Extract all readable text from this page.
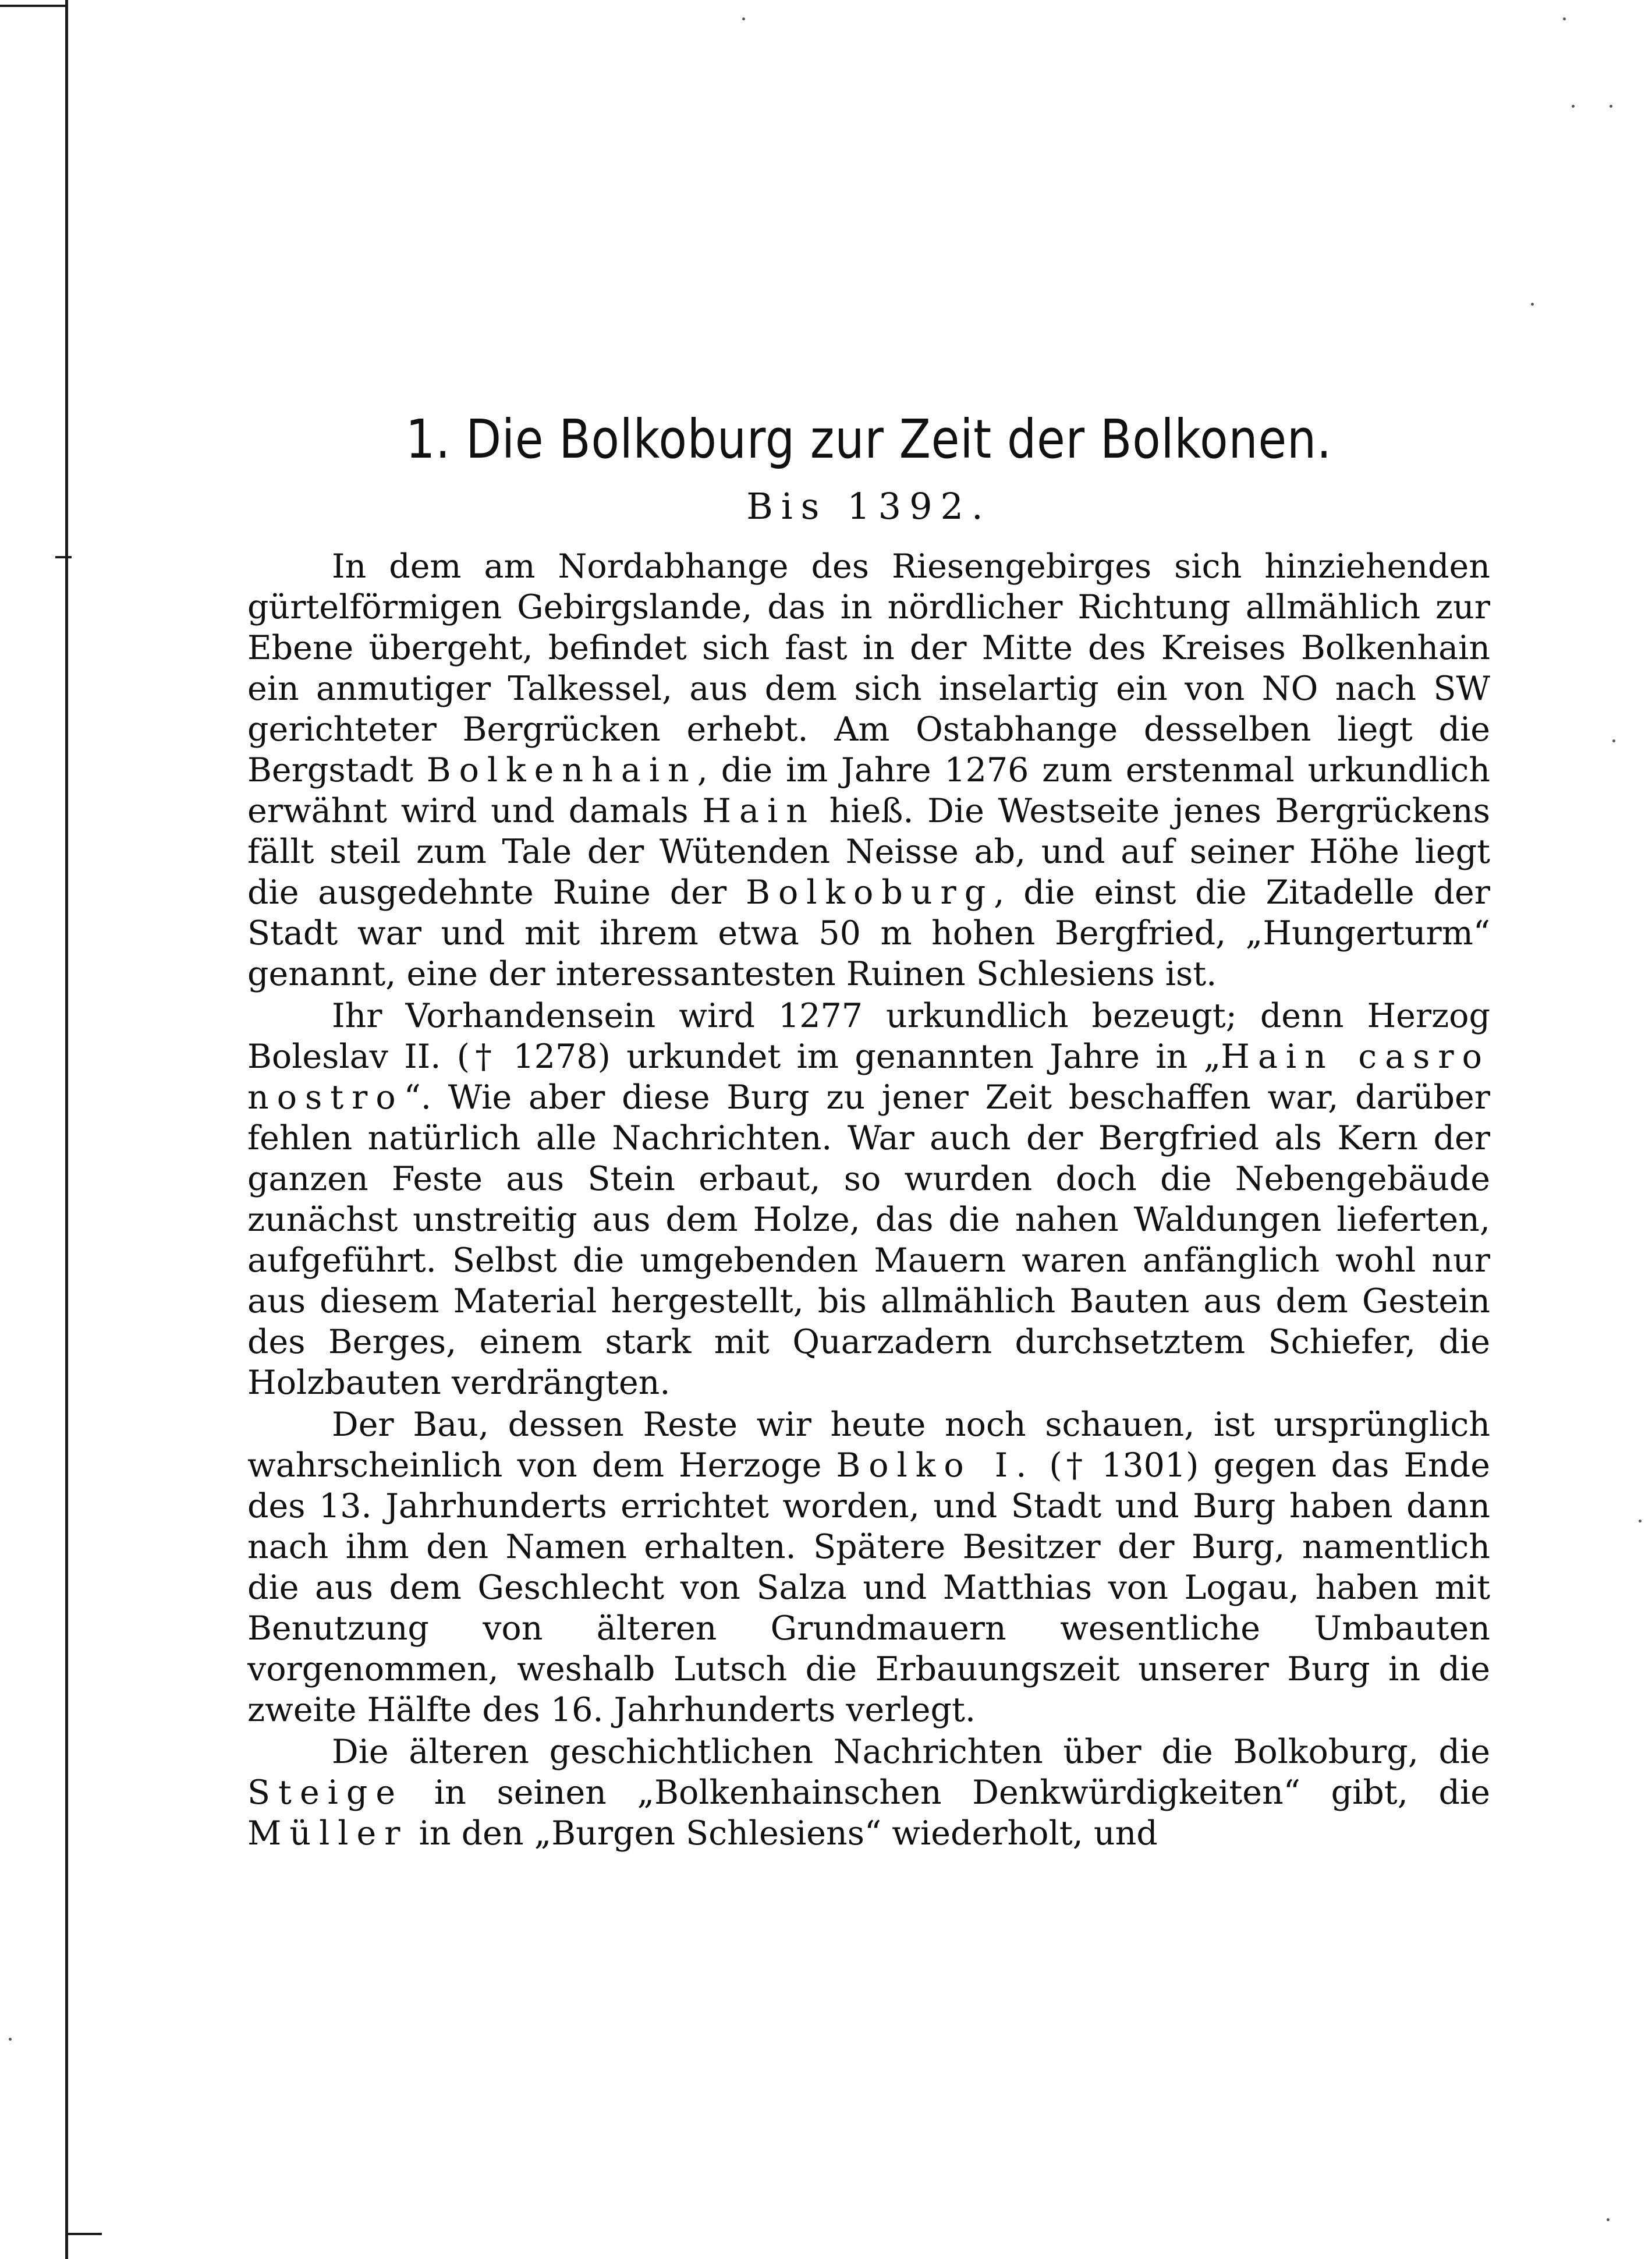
1. Die Bolkoburg zur Zeit der Bolkonen.
Bis 1392.

In dem am Nordabhange des Riesengebirges sich hinziehenden gürtelförmigen Gebirgslande, das in nördlicher Richtung allmählich zur Ebene übergeht, befindet sich fast in der Mitte des Kreises Bolkenhain ein anmutiger Talkessel, aus dem sich inselartig ein von NO nach SW gerichteter Bergrücken erhebt. Am Ostabhange desselben liegt die Bergstadt Bolkenhain, die im Jahre 1276 zum erstenmal urkundlich erwähnt wird und damals Hain hieß. Die Westseite jenes Bergrückens fällt steil zum Tale der Wütenden Neisse ab, und auf seiner Höhe liegt die ausgedehnte Ruine der Bolkoburg, die einst die Zitadelle der Stadt war und mit ihrem etwa 50 m hohen Bergfried, „Hungerturm“ genannt, eine der interessantesten Ruinen Schlesiens ist.

Ihr Vorhandensein wird 1277 urkundlich bezeugt; denn Herzog Boleslav II. († 1278) urkundet im genannten Jahre in „Hain casro nostro“. Wie aber diese Burg zu jener Zeit beschaffen war, darüber fehlen natürlich alle Nachrichten. War auch der Bergfried als Kern der ganzen Feste aus Stein erbaut, so wurden doch die Nebengebäude zunächst unstreitig aus dem Holze, das die nahen Waldungen lieferten, aufgeführt. Selbst die umgebenden Mauern waren anfänglich wohl nur aus diesem Material hergestellt, bis allmählich Bauten aus dem Gestein des Berges, einem stark mit Quarzadern durchsetztem Schiefer, die Holzbauten verdrängten.

Der Bau, dessen Reste wir heute noch schauen, ist ursprünglich wahrscheinlich von dem Herzoge Bolko I. († 1301) gegen das Ende des 13. Jahrhunderts errichtet worden, und Stadt und Burg haben dann nach ihm den Namen erhalten. Spätere Besitzer der Burg, namentlich die aus dem Geschlecht von Salza und Matthias von Logau, haben mit Benutzung von älteren Grundmauern wesentliche Umbauten vorgenommen, weshalb Lutsch die Erbauungszeit unserer Burg in die zweite Hälfte des 16. Jahrhunderts verlegt.

Die älteren geschichtlichen Nachrichten über die Bolkoburg, die Steige in seinen „Bolkenhainschen Denkwürdigkeiten“ gibt, die Müller in den „Burgen Schlesiens“ wiederholt, und
